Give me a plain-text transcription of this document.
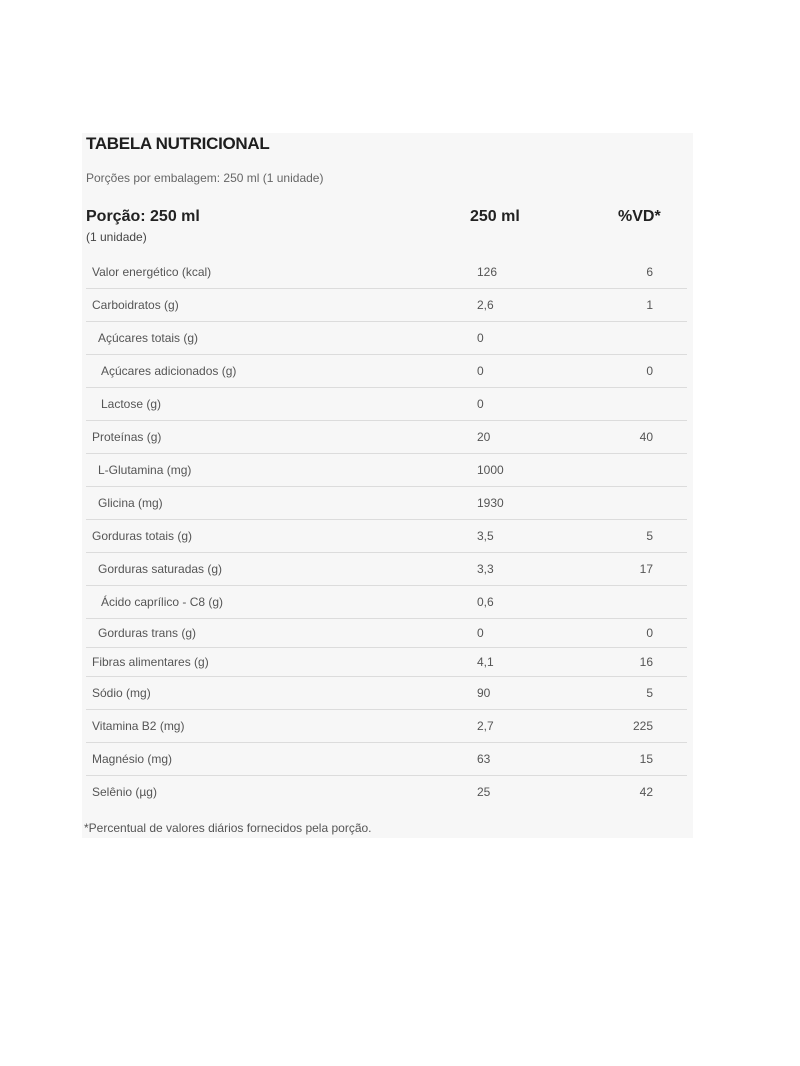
TABELA NUTRICIONAL
Porções por embalagem: 250 ml (1 unidade)
Porção: 250 ml
(1 unidade)
250 ml	%VD*
Valor energético (kcal)	126	6
Carboidratos (g)	2,6	1
Açúcares totais (g)	0
Açúcares adicionados (g)	0	0
Lactose (g)	0
Proteínas (g)	20	40
L-Glutamina (mg)	1000
Glicina (mg)	1930
Gorduras totais (g)	3,5	5
Gorduras saturadas (g)	3,3	17
Ácido caprílico - C8 (g)	0,6
Gorduras trans (g)	0	0
Fibras alimentares (g)	4,1	16
Sódio (mg)	90	5
Vitamina B2 (mg)	2,7	225
Magnésio (mg)	63	15
Selênio (µg)	25	42
*Percentual de valores diários fornecidos pela porção.
